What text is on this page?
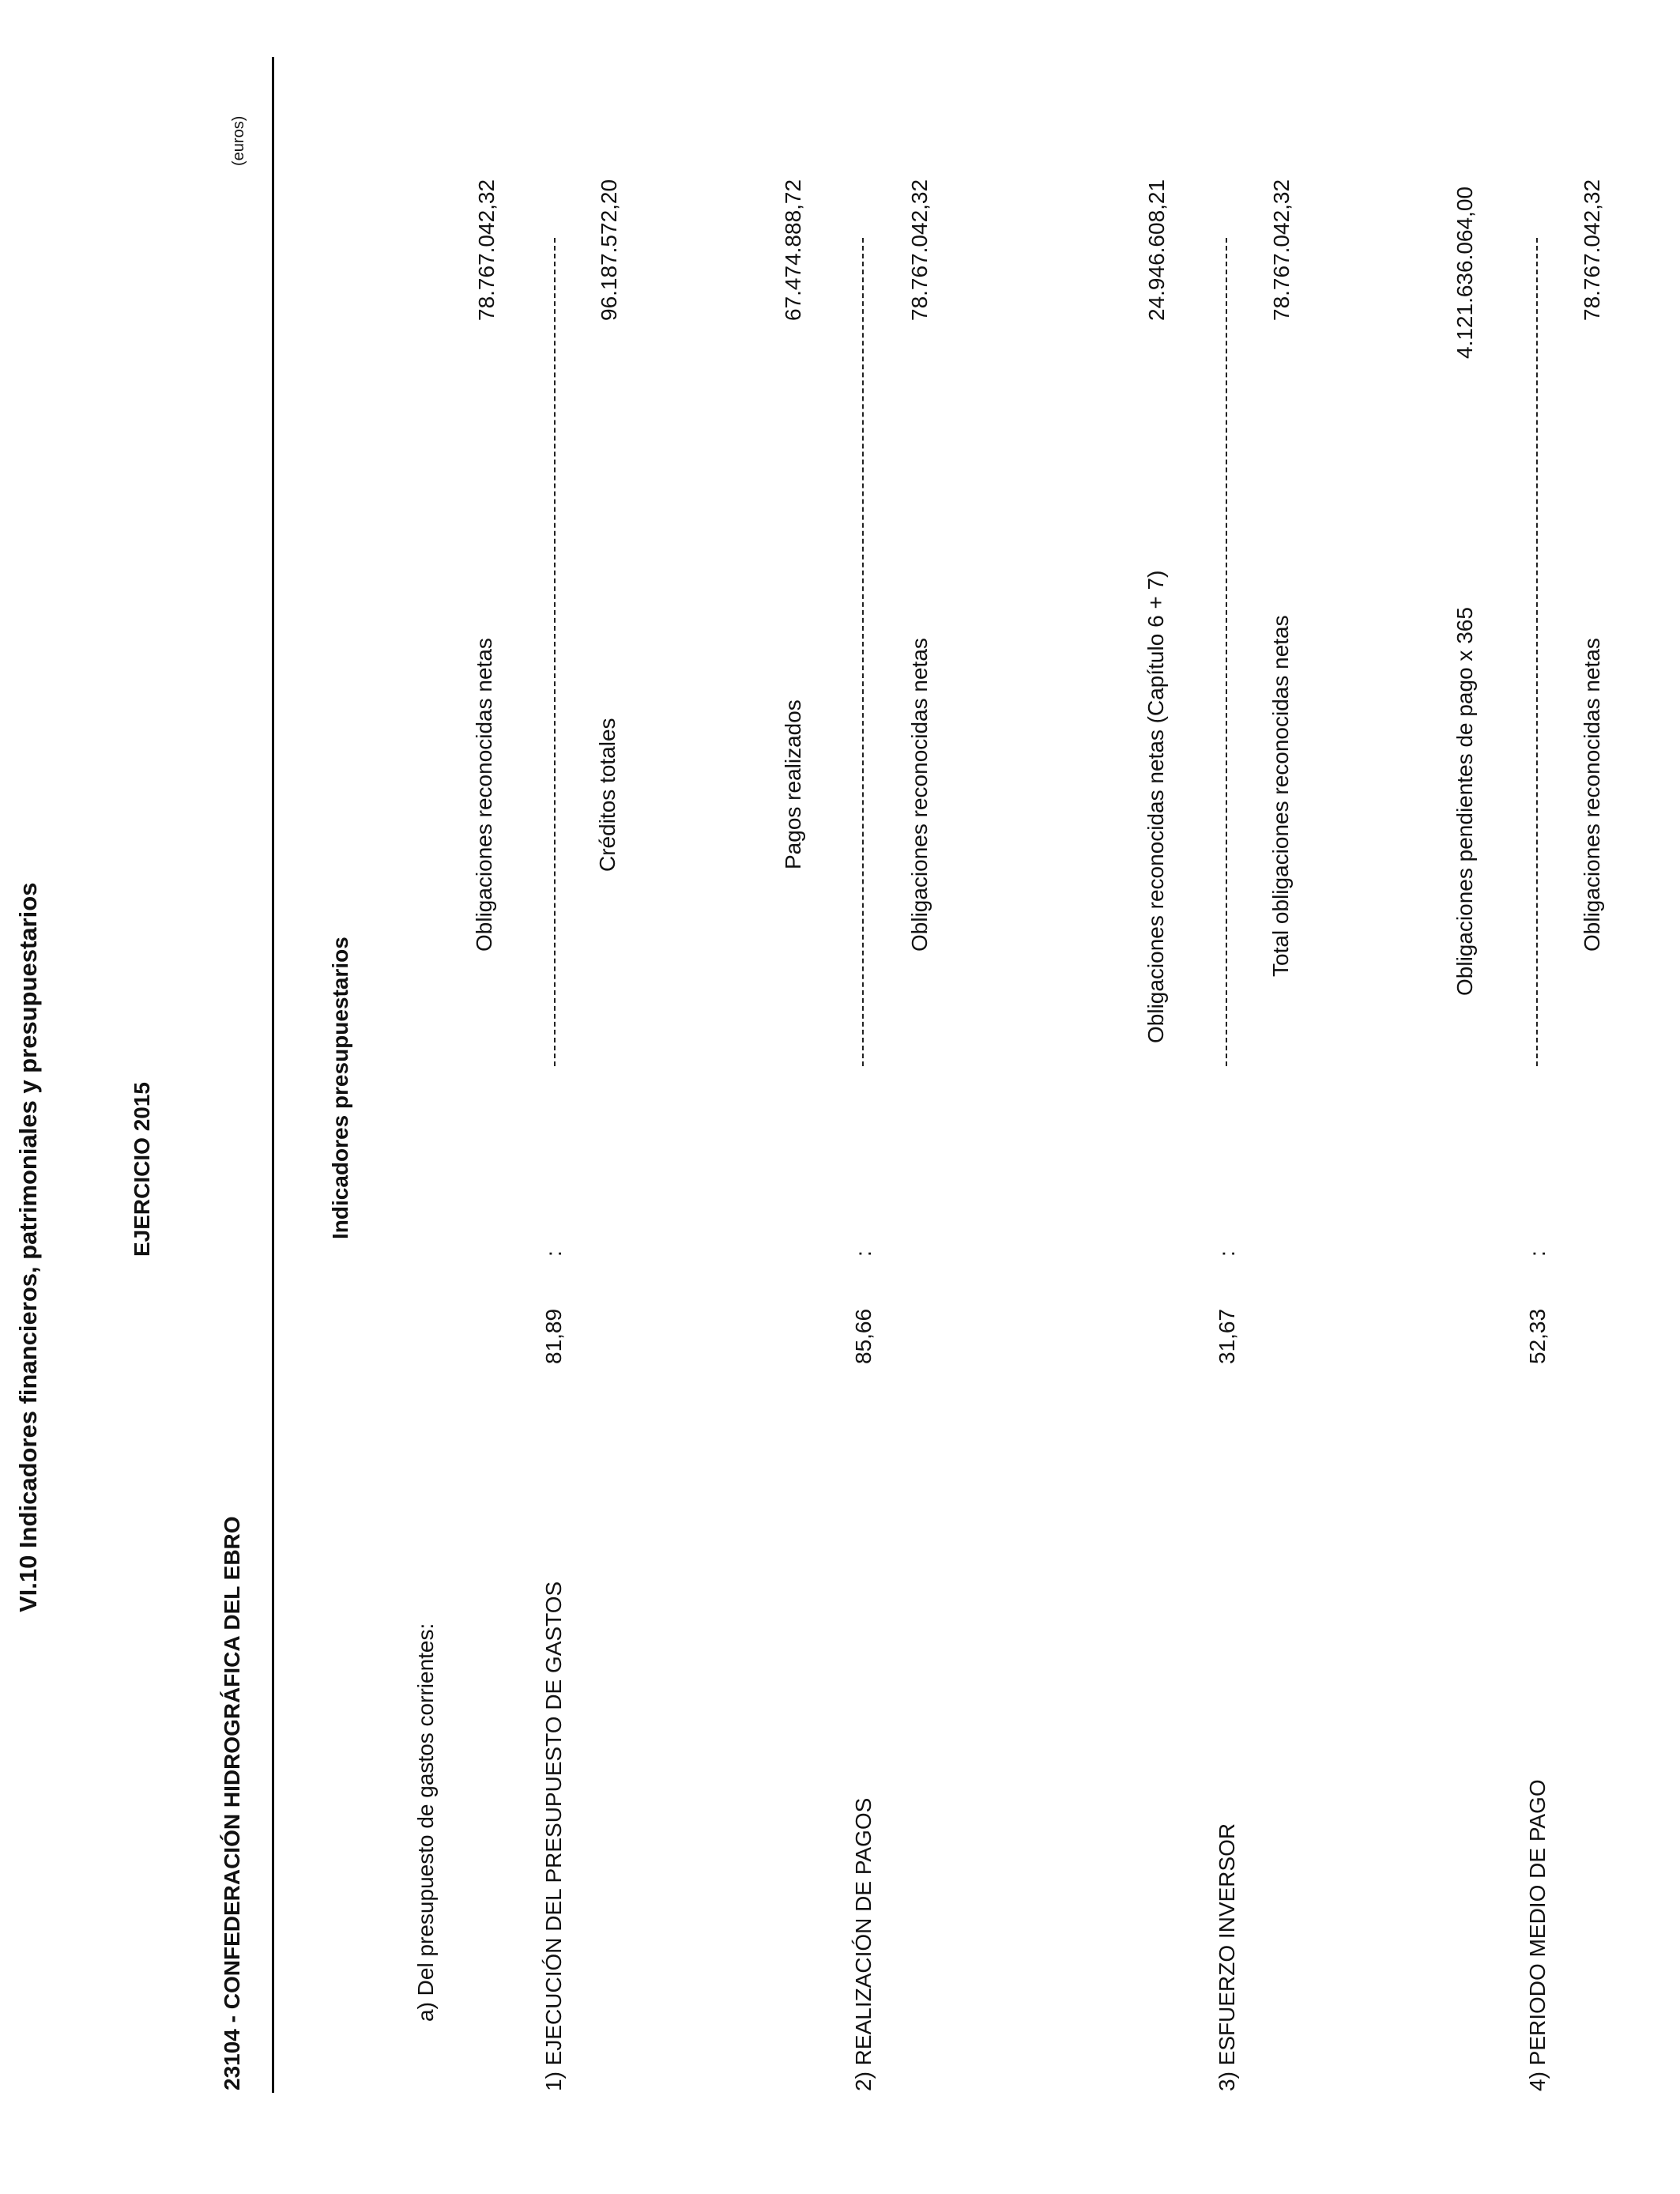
VI.10 Indicadores financieros, patrimoniales y presupuestarios
23104 - CONFEDERACIÓN HIDROGRÁFICA DEL EBRO
EJERCICIO 2015	Indicadores presupuestarios
(euros)
a) Del presupuesto de gastos corrientes:	1) EJECUCIÓN DEL PRESUPUESTO DE GASTOS
81,89
:
Obligaciones reconocidas netas	Créditos totales
78.767.042,32	96.187.572,20
2) REALIZACIÓN DE PAGOS
85,66
:
Pagos realizados	Obligaciones reconocidas netas
67.474.888,72	78.767.042,32
3) ESFUERZO INVERSOR
31,67
:
Obligaciones reconocidas netas (Capítulo 6 + 7)	Total obligaciones reconocidas netas
24.946.608,21	78.767.042,32
4) PERIODO MEDIO DE PAGO
52,33
:
Obligaciones pendientes de pago x 365	Obligaciones reconocidas netas
4.121.636.064,00	78.767.042,32
